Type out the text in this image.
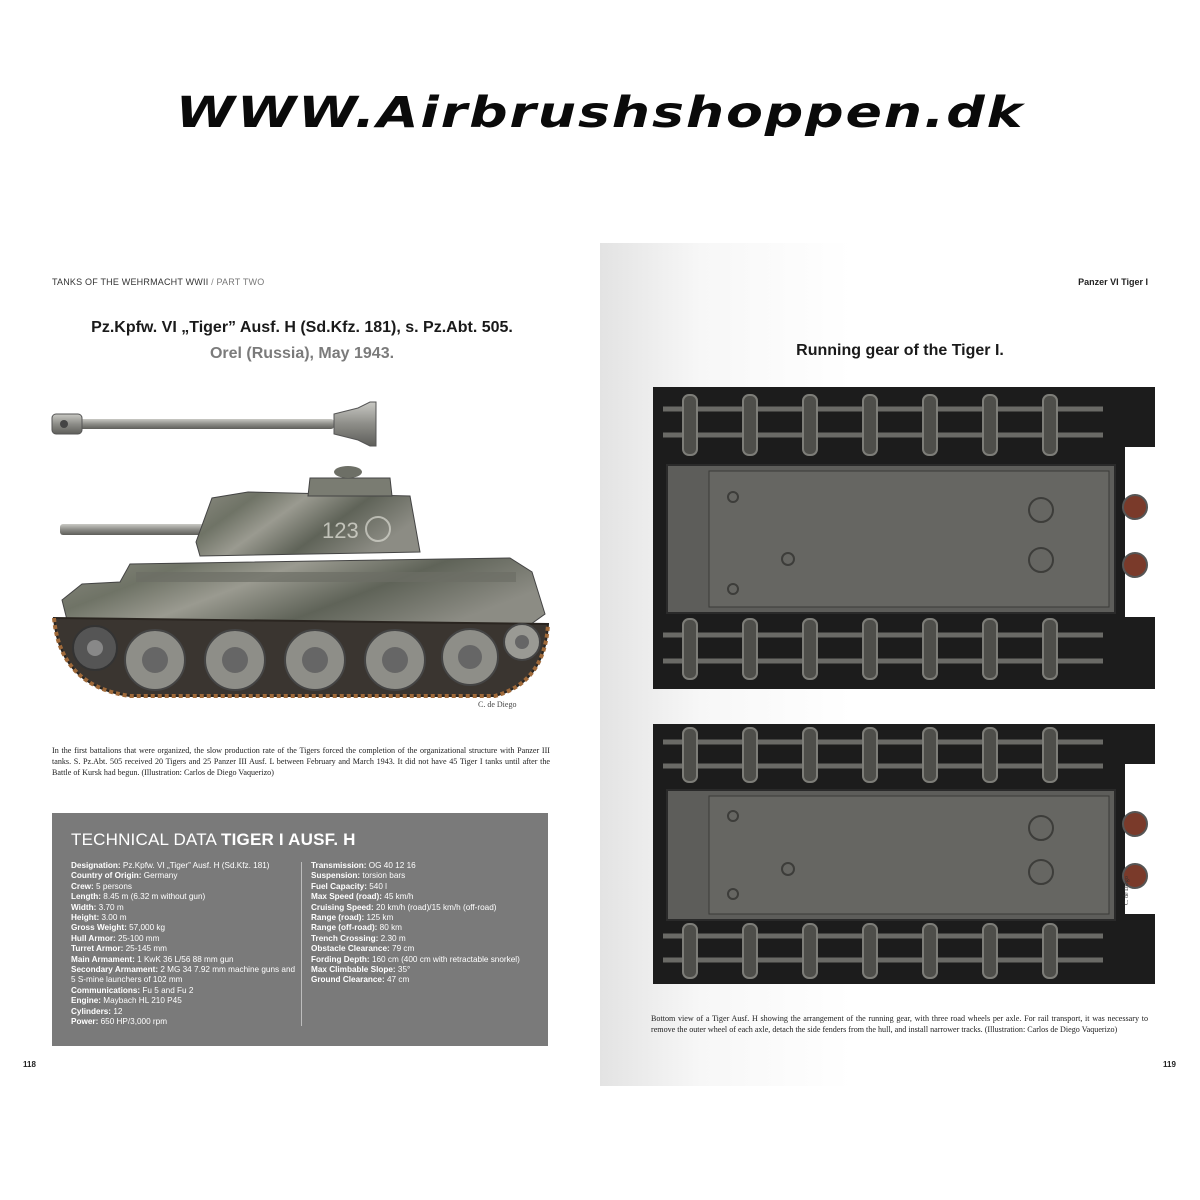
WWW.Airbrushshoppen.dk
TANKS OF THE WEHRMACHT WWII / PART TWO
Pz.Kpfw. VI „Tiger” Ausf. H (Sd.Kfz. 181), s. Pz.Abt. 505.
Orel (Russia), May 1943.
123
C. de Diego
In the first battalions that were organized, the slow production rate of the Tigers forced the completion of the organizational structure with Panzer III tanks. S. Pz.Abt. 505 received 20 Tigers and 25 Panzer III Ausf. L between February and March 1943. It did not have 45 Tiger I tanks until after the Battle of Kursk had begun. (Illustration: Carlos de Diego Vaquerizo)
TECHNICAL DATA TIGER I AUSF. H
Designation: Pz.Kpfw. VI „Tiger” Ausf. H (Sd.Kfz. 181)
Country of Origin: Germany
Crew: 5 persons
Length: 8.45 m (6.32 m without gun)
Width: 3.70 m
Height: 3.00 m
Gross Weight: 57,000 kg
Hull Armor: 25-100 mm
Turret Armor: 25-145 mm
Main Armament: 1 KwK 36 L/56 88 mm gun
Secondary Armament: 2 MG 34 7.92 mm machine guns and 5 S-mine launchers of 102 mm
Communications: Fu 5 and Fu 2
Engine: Maybach HL 210 P45
Cylinders: 12
Power: 650 HP/3,000 rpm
Transmission: OG 40 12 16
Suspension: torsion bars
Fuel Capacity: 540 l
Max Speed (road): 45 km/h
Cruising Speed: 20 km/h (road)/15 km/h (off-road)
Range (road): 125 km
Range (off-road): 80 km
Trench Crossing: 2.30 m
Obstacle Clearance: 79 cm
Fording Depth: 160 cm (400 cm with retractable snorkel)
Max Climbable Slope: 35°
Ground Clearance: 47 cm
118
Panzer VI Tiger I
Running gear of the Tiger I.
C. de Diego
Bottom view of a Tiger Ausf. H showing the arrangement of the running gear, with three road wheels per axle. For rail transport, it was necessary to remove the outer wheel of each axle, detach the side fenders from the hull, and install narrower tracks. (Illustration: Carlos de Diego Vaquerizo)
119
